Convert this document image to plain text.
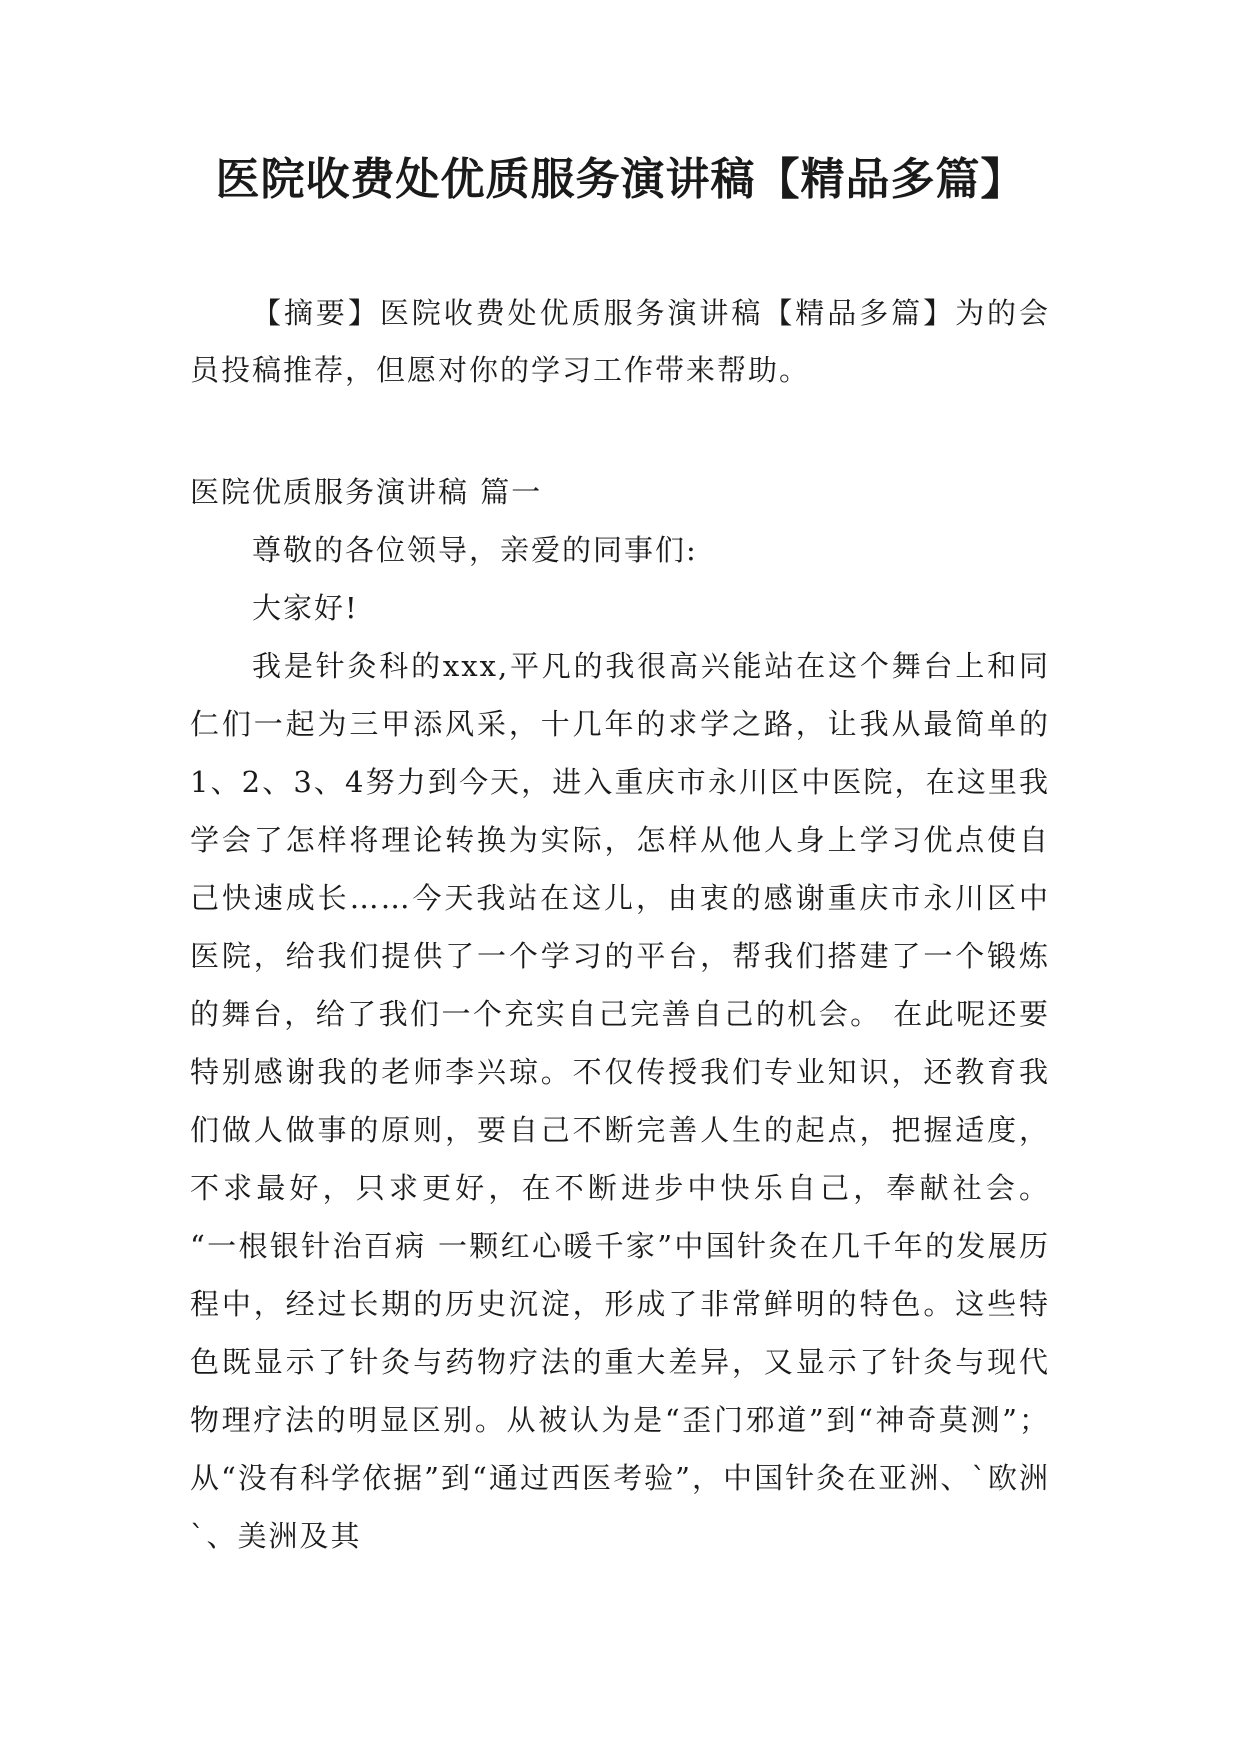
医院收费处优质服务演讲稿【精品多篇】

【摘要】医院收费处优质服务演讲稿【精品多篇】为的会员投稿推荐，但愿对你的学习工作带来帮助。

医院优质服务演讲稿 篇一

尊敬的各位领导，亲爱的同事们:

大家好!

我是针灸科的xxx,平凡的我很高兴能站在这个舞台上和同仁们一起为三甲添风采，十几年的求学之路，让我从最简单的1、2、3、4努力到今天，进入重庆市永川区中医院，在这里我学会了怎样将理论转换为实际，怎样从他人身上学习优点使自己快速成长……今天我站在这儿，由衷的感谢重庆市永川区中医院，给我们提供了一个学习的平台，帮我们搭建了一个锻炼的舞台，给了我们一个充实自己完善自己的机会。 在此呢还要特别感谢我的老师李兴琼。不仅传授我们专业知识，还教育我们做人做事的原则，要自己不断完善人生的起点，把握适度，不求最好，只求更好，在不断进步中快乐自己，奉献社会。 “一根银针治百病 一颗红心暖千家”中国针灸在几千年的发展历程中，经过长期的历史沉淀，形成了非常鲜明的特色。这些特色既显示了针灸与药物疗法的重大差异，又显示了针灸与现代物理疗法的明显区别。从被认为是“歪门邪道”到“神奇莫测”；从“没有科学依据”到“通过西医考验”，中国针灸在亚洲、`欧洲`、美洲及其
